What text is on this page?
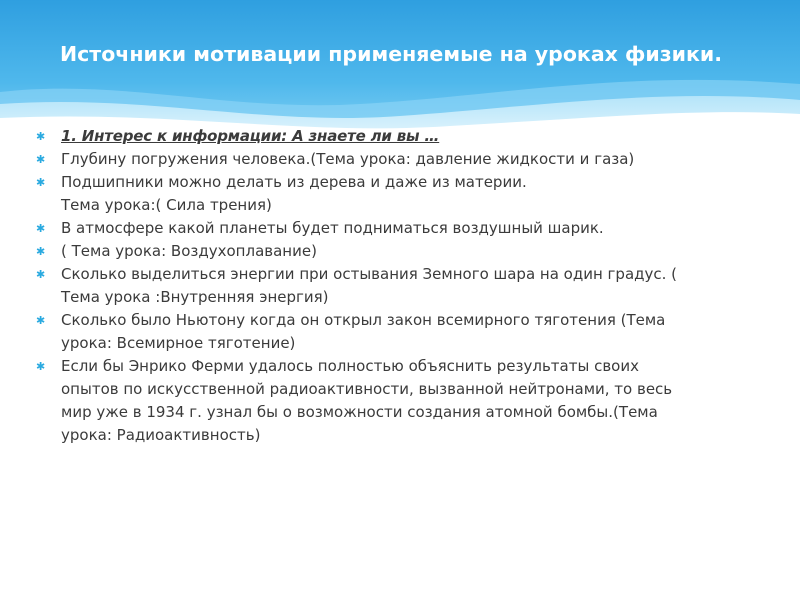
Источники мотивации применяемые на уроках физики.
✱ 1. Интерес к информации: А знаете ли вы …
✱ Глубину погружения человека.(Тема урока: давление жидкости и газа)
✱ Подшипники можно делать из дерева и даже из материи.
Тема урока:( Сила трения)
✱ В атмосфере какой планеты будет подниматься воздушный шарик.
✱ ( Тема урока: Воздухоплавание)
✱ Сколько выделиться энергии при остывания Земного шара на один градус. (
Тема урока :Внутренняя энергия)
✱ Сколько было Ньютону когда он открыл закон всемирного тяготения (Тема
урока: Всемирное тяготение)
✱ Если бы Энрико Ферми удалось полностью объяснить результаты своих
опытов по искусственной радиоактивности, вызванной нейтронами, то весь
мир уже в 1934 г. узнал бы о возможности создания атомной бомбы.(Тема
урока: Радиоактивность)
